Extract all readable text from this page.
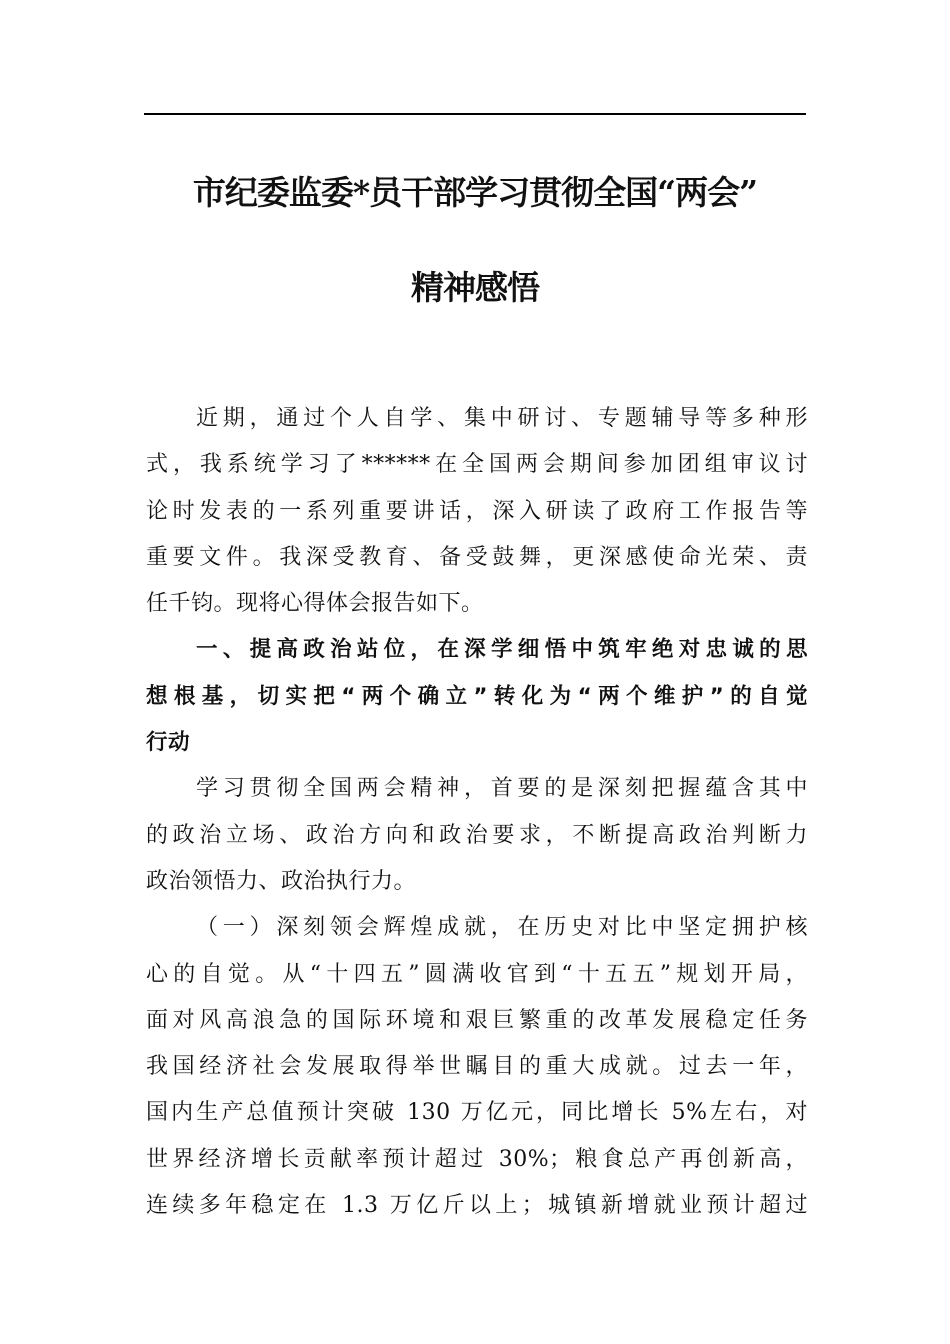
市纪委监委*员干部学习贯彻全国“两会”
精神感悟
近期，通过个人自学、集中研讨、专题辅导等多种形
式，我系统学习了******在全国两会期间参加团组审议讨
论时发表的一系列重要讲话，深入研读了政府工作报告等
重要文件。我深受教育、备受鼓舞，更深感使命光荣、责
任千钧。现将心得体会报告如下。
一、提高政治站位，在深学细悟中筑牢绝对忠诚的思
想根基，切实把“两个确立”转化为“两个维护”的自觉
行动
学习贯彻全国两会精神，首要的是深刻把握蕴含其中
的政治立场、政治方向和政治要求，不断提高政治判断力
政治领悟力、政治执行力。
（一）深刻领会辉煌成就，在历史对比中坚定拥护核
心的自觉。从“十四五”圆满收官到“十五五”规划开局，
面对风高浪急的国际环境和艰巨繁重的改革发展稳定任务
我国经济社会发展取得举世瞩目的重大成就。过去一年，
国内生产总值预计突破 130 万亿元，同比增长 5%左右，对
世界经济增长贡献率预计超过 30%；粮食总产再创新高，
连续多年稳定在 1.3 万亿斤以上；城镇新增就业预计超过
